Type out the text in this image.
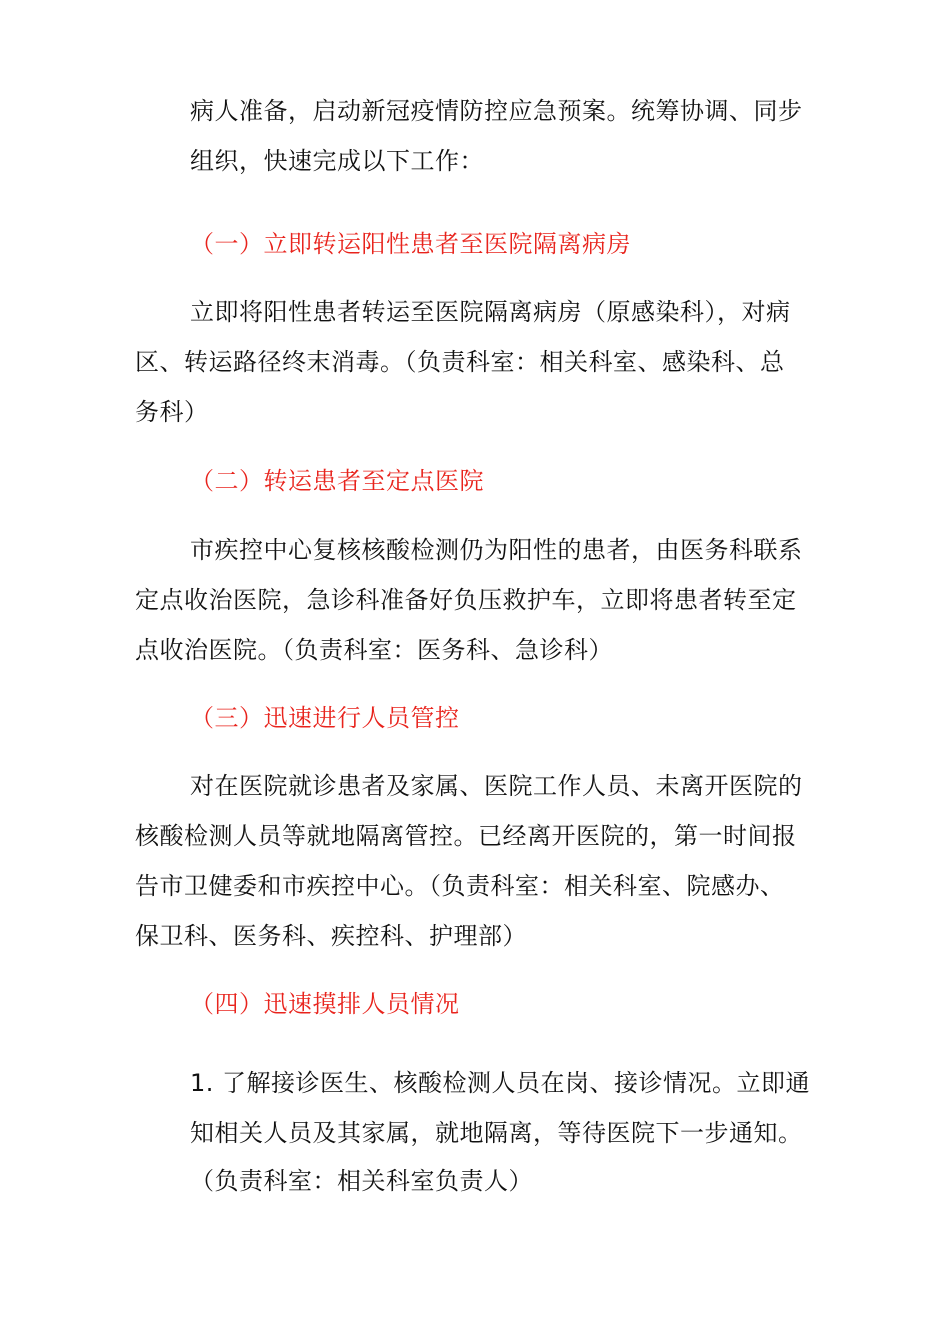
病人准备，启动新冠疫情防控应急预案。统筹协调、同步
组织，快速完成以下工作：
（一）立即转运阳性患者至医院隔离病房
立即将阳性患者转运至医院隔离病房（原感染科），对病
区、转运路径终末消毒。（负责科室：相关科室、感染科、总
务科）
（二）转运患者至定点医院
市疾控中心复核核酸检测仍为阳性的患者，由医务科联系
定点收治医院，急诊科准备好负压救护车，立即将患者转至定
点收治医院。（负责科室：医务科、急诊科）
（三）迅速进行人员管控
对在医院就诊患者及家属、医院工作人员、未离开医院的
核酸检测人员等就地隔离管控。已经离开医院的，第一时间报
告市卫健委和市疾控中心。（负责科室：相关科室、院感办、
保卫科、医务科、疾控科、护理部）
（四）迅速摸排人员情况
1. 了解接诊医生、核酸检测人员在岗、接诊情况。立即通
知相关人员及其家属，就地隔离，等待医院下一步通知。
（负责科室：相关科室负责人）
